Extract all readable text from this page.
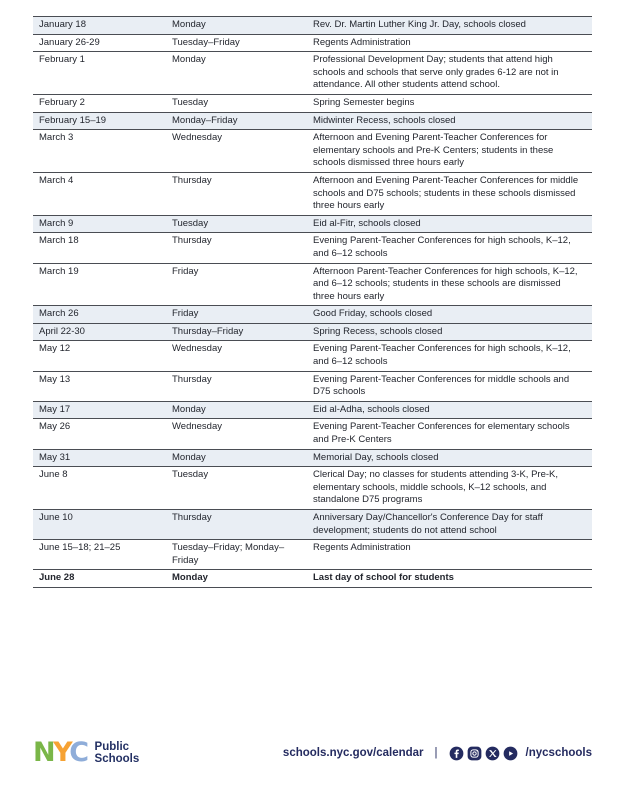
January 18	Monday	Rev. Dr. Martin Luther King Jr. Day, schools closed
January 26-29	Tuesday–Friday	Regents Administration
February 1	Monday	Professional Development Day; students that attend high schools and schools that serve only grades 6-12 are not in attendance. All other students attend school.
February 2	Tuesday	Spring Semester begins
February 15–19	Monday–Friday	Midwinter Recess, schools closed
March 3	Wednesday	Afternoon and Evening Parent-Teacher Conferences for elementary schools and Pre-K Centers; students in these schools dismissed three hours early
March 4	Thursday	Afternoon and Evening Parent-Teacher Conferences for middle schools and D75 schools; students in these schools dismissed three hours early
March 9	Tuesday	Eid al-Fitr, schools closed
March 18	Thursday	Evening Parent-Teacher Conferences for high schools, K–12, and 6–12 schools
March 19	Friday	Afternoon Parent-Teacher Conferences for high schools, K–12, and 6–12 schools; students in these schools are dismissed three hours early
March 26	Friday	Good Friday, schools closed
April 22-30	Thursday–Friday	Spring Recess, schools closed
May 12	Wednesday	Evening Parent-Teacher Conferences for high schools, K–12, and 6–12 schools
May 13	Thursday	Evening Parent-Teacher Conferences for middle schools and D75 schools
May 17	Monday	Eid al-Adha, schools closed
May 26	Wednesday	Evening Parent-Teacher Conferences for elementary schools and Pre-K Centers
May 31	Monday	Memorial Day, schools closed
June 8	Tuesday	Clerical Day; no classes for students attending 3-K, Pre-K, elementary schools, middle schools, K–12 schools, and standalone D75 programs
June 10	Thursday	Anniversary Day/Chancellor's Conference Day for staff development; students do not attend school
June 15–18; 21–25	Tuesday–Friday; Monday–Friday	Regents Administration
June 28	Monday	Last day of school for students
NYC Public
Schools	schools.nyc.gov/calendar |	/nycschools
